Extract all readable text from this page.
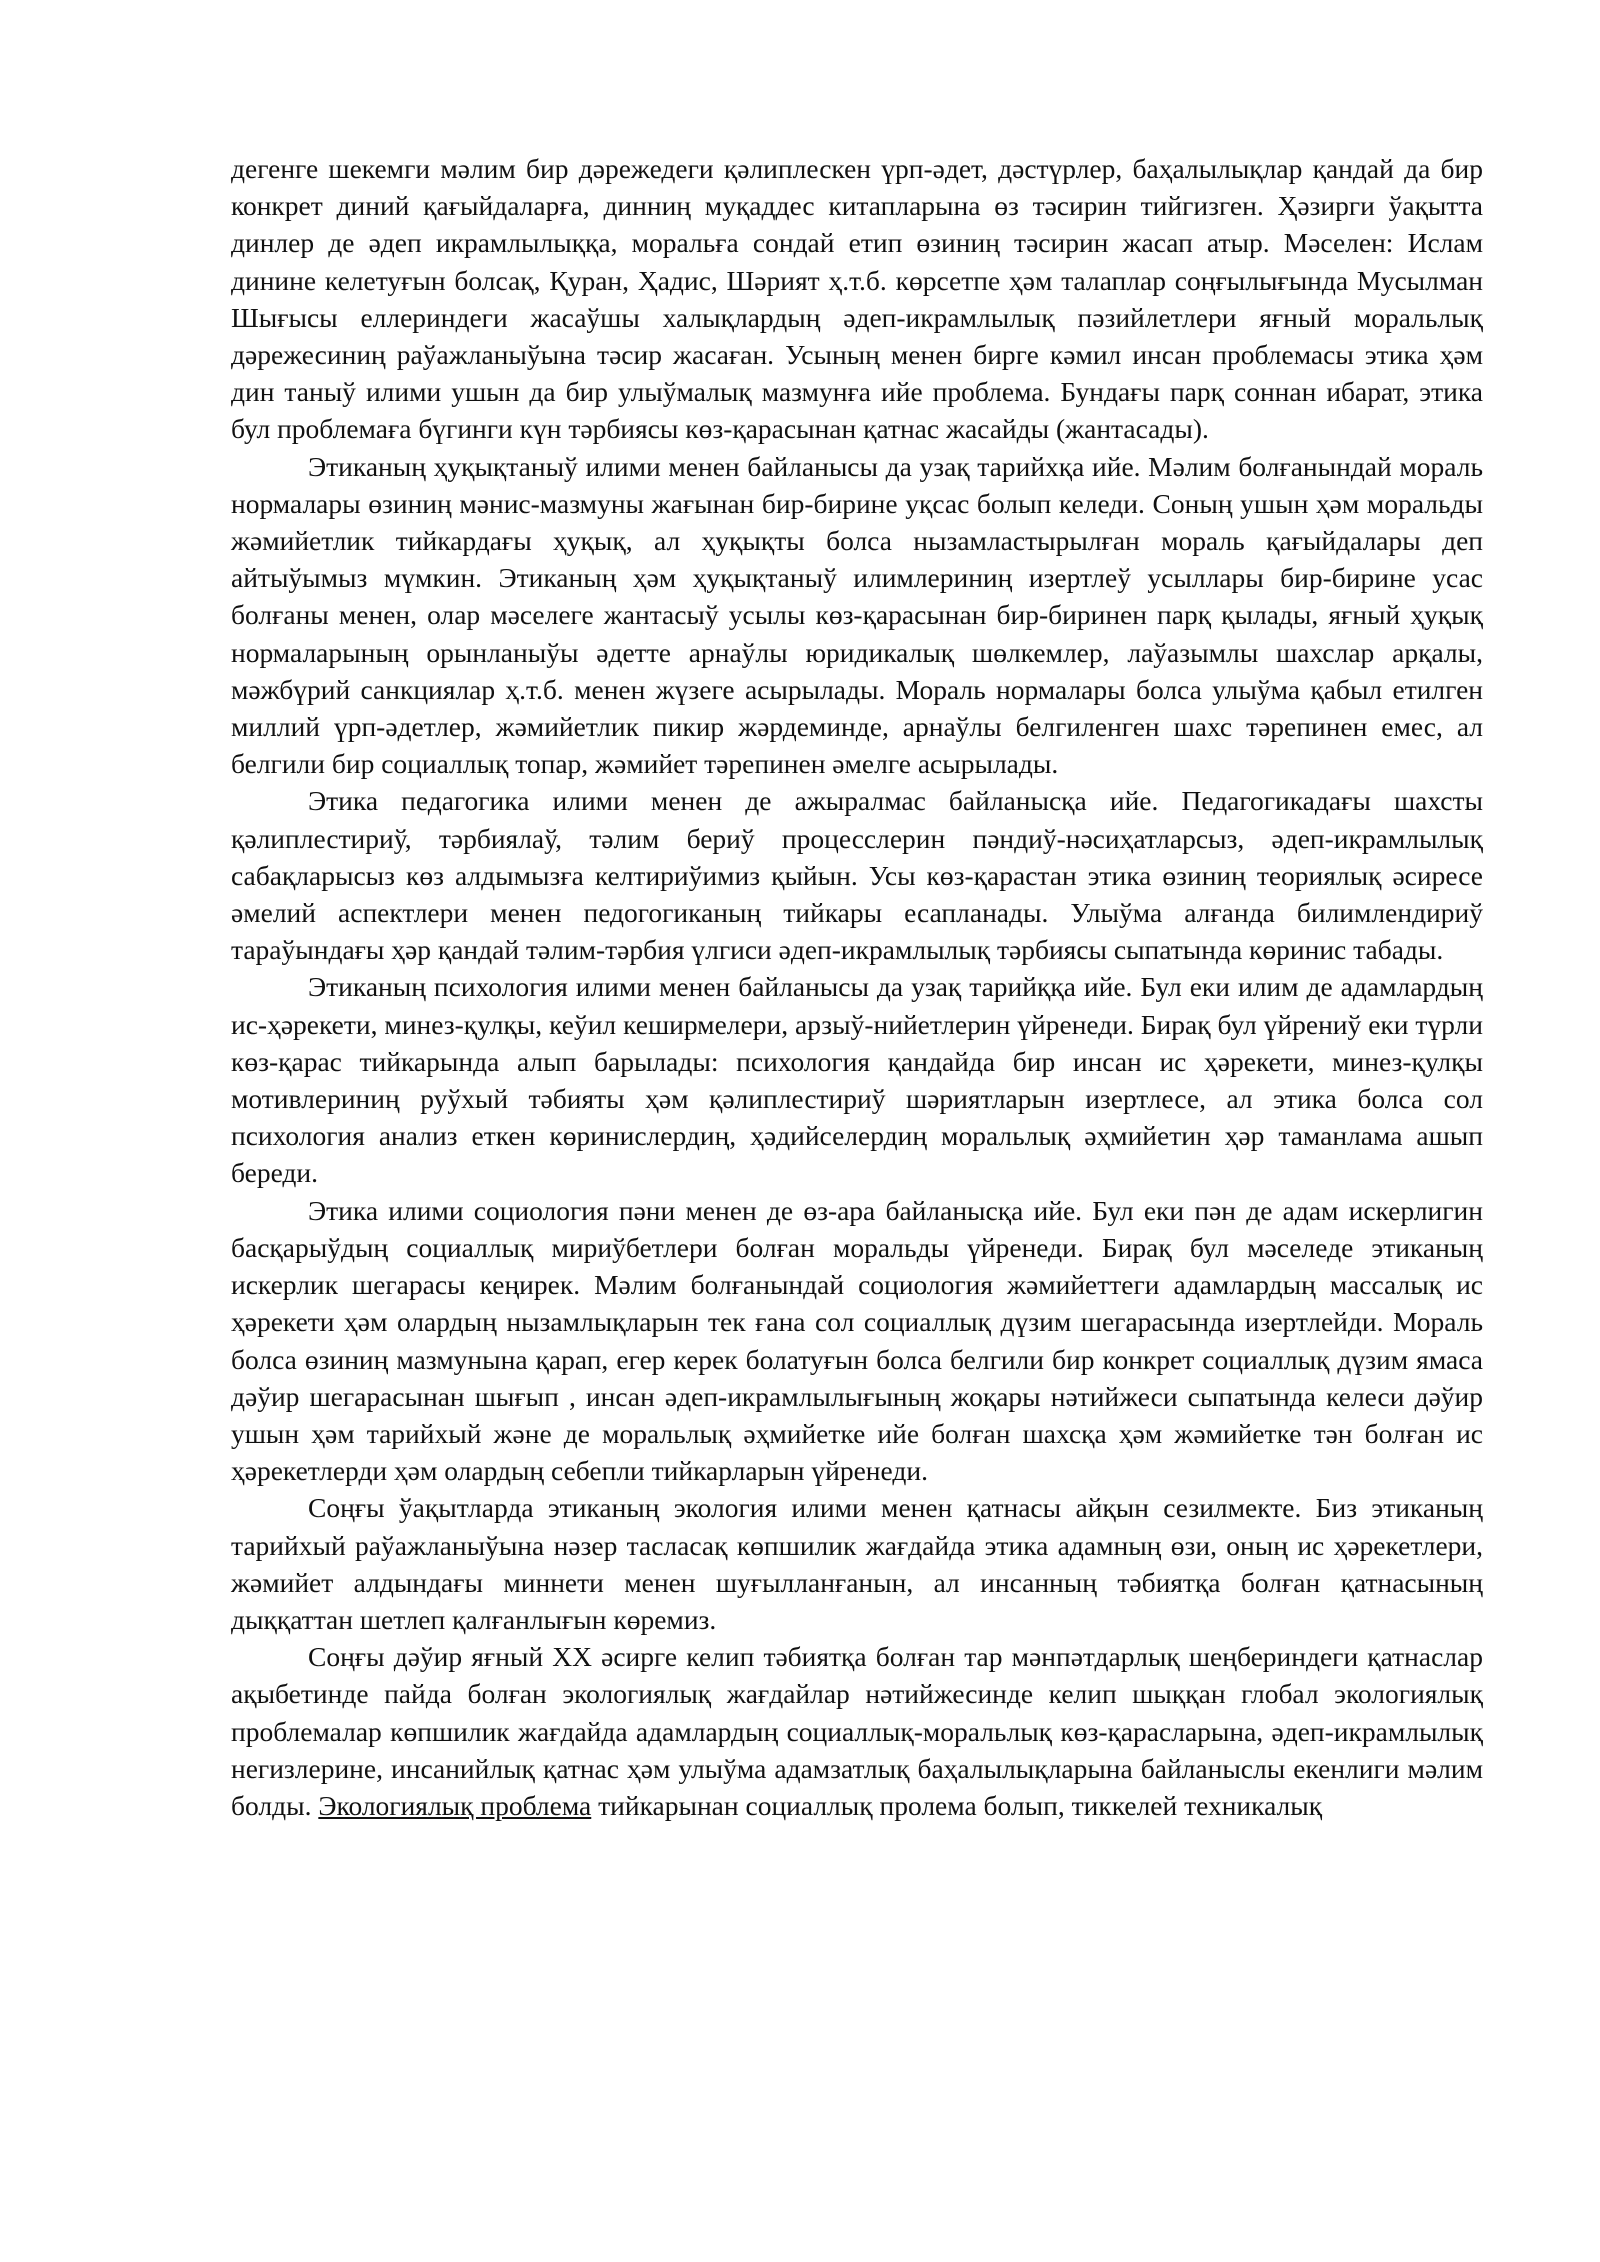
дегенге шекемги мәлим бир дәрежедеги қәлиплескен үрп-әдет, дәстүрлер, баҳалылықлар қандай да бир конкрет диний қағыйдаларға, динниң муқаддес китапларына өз тәсирин тийгизген. Ҳәзирги ўақытта динлер де әдеп икрамлылыққа, моральға сондай етип өзиниң тәсирин жасап атыр. Мәселен: Ислам динине келетуғын болсақ, Қуран, Ҳадис, Шәрият ҳ.т.б. көрсетпе ҳәм талаплар соңғылығында Мусылман Шығысы еллериндеги жасаўшы халықлардың әдеп-икрамлылық пәзийлетлери яғный моральлық дәрежесиниң раўажланыўына тәсир жасаған. Усының менен бирге кәмил инсан проблемасы этика ҳәм дин таныў илими ушын да бир улыўмалық мазмунға ийе проблема. Бундағы парқ соннан ибарат, этика бул проблемаға бүгинги күн тәрбиясы көз-қарасынан қатнас жасайды (жантасады).

Этиканың ҳуқықтаныў илими менен байланысы да узақ тарийхқа ийе. Мәлим болғанындай мораль нормалары өзиниң мәнис-мазмуны жағынан бир-бирине уқсас болып келеди. Соның ушын ҳәм моральды жәмийетлик тийкардағы ҳуқық, ал ҳуқықты болса нызамластырылған мораль қағыйдалары деп айтыўымыз мүмкин. Этиканың ҳәм ҳуқықтаныў илимлериниң изертлеў усыллары бир-бирине усас болғаны менен, олар мәселеге жантасыў усылы көз-қарасынан бир-биринен парқ қылады, яғный ҳуқық нормаларының орынланыўы әдетте арнаўлы юридикалық шөлкемлер, лаўазымлы шахслар арқалы, мәжбүрий санкциялар ҳ.т.б. менен жүзеге асырылады. Мораль нормалары болса улыўма қабыл етилген миллий үрп-әдетлер, жәмийетлик пикир жәрдеминде, арнаўлы белгиленген шахс тәрепинен емес, ал белгили бир социаллық топар, жәмийет тәрепинен әмелге асырылады.

Этика педагогика илими менен де ажыралмас байланысқа ийе. Педагогикадағы шахсты қәлиплестириў, тәрбиялаў, тәлим бериў процесслерин пәндиў-нәсиҳатларсыз, әдеп-икрамлылық сабақларысыз көз алдымызға келтириўимиз қыйын. Усы көз-қарастан этика өзиниң теориялық әсиресе әмелий аспектлери менен педогогиканың тийкары есапланады. Улыўма алғанда билимлендириў тараўындағы ҳәр қандай тәлим-тәрбия үлгиси әдеп-икрамлылық тәрбиясы сыпатында көринис табады.

Этиканың психология илими менен байланысы да узақ тарийққа ийе. Бул еки илим де адамлардың ис-ҳәрекети, минез-қулқы, кеўил кеширмелери, арзыў-нийетлерин үйренеди. Бирақ бул үйрениў еки түрли көз-қарас тийкарында алып барылады: психология қандайда бир инсан ис ҳәрекети, минез-қулқы мотивлериниң руўхый тәбияты ҳәм қәлиплестириў шәриятларын изертлесе, ал этика болса сол психология анализ еткен көринислердиң, ҳәдийселердиң моральлық әҳмийетин ҳәр таманлама ашып береди.

Этика илими социология пәни менен де өз-ара байланысқа ийе. Бул еки пән де адам искерлигин басқарыўдың социаллық мириўбетлери болған моральды үйренеди. Бирақ бул мәселеде этиканың искерлик шегарасы кеңирек. Мәлим болғанындай социология жәмийеттеги адамлардың массалық ис ҳәрекети ҳәм олардың нызамлықларын тек ғана сол социаллық дүзим шегарасында изертлейди. Мораль болса өзиниң мазмунына қарап, егер керек болатуғын болса белгили бир конкрет социаллық дүзим ямаса дәўир шегарасынан шығып , инсан әдеп-икрамлылығының жоқары нәтийжеси сыпатында келеси дәўир ушын ҳәм тарийхый және де моральлық әҳмийетке ийе болған шахсқа ҳәм жәмийетке тән болған ис ҳәрекетлерди ҳәм олардың себепли тийкарларын үйренеди.

Соңғы ўақытларда этиканың экология илими менен қатнасы айқын сезилмекте. Биз этиканың тарийхый раўажланыўына нәзер тасласақ көпшилик жағдайда этика адамның өзи, оның ис ҳәрекетлери, жәмийет алдындағы миннети менен шуғылланғанын, ал инсанның тәбиятқа болған қатнасының дыққаттан шетлеп қалғанлығын көремиз.

Соңғы дәўир яғный XX әсирге келип тәбиятқа болған тар мәнпәтдарлық шеңбериндеги қатнаслар ақыбетинде пайда болған экологиялық жағдайлар нәтийжесинде келип шыққан глобал экологиялық проблемалар көпшилик жағдайда адамлардың социаллық-моральлық көз-қарасларына, әдеп-икрамлылық негизлерине, инсанийлық қатнас ҳәм улыўма адамзатлық баҳалылықларына байланыслы екенлиги мәлим болды. Экологиялық проблема тийкарынан социаллық пролема болып, тиккелей техникалық
